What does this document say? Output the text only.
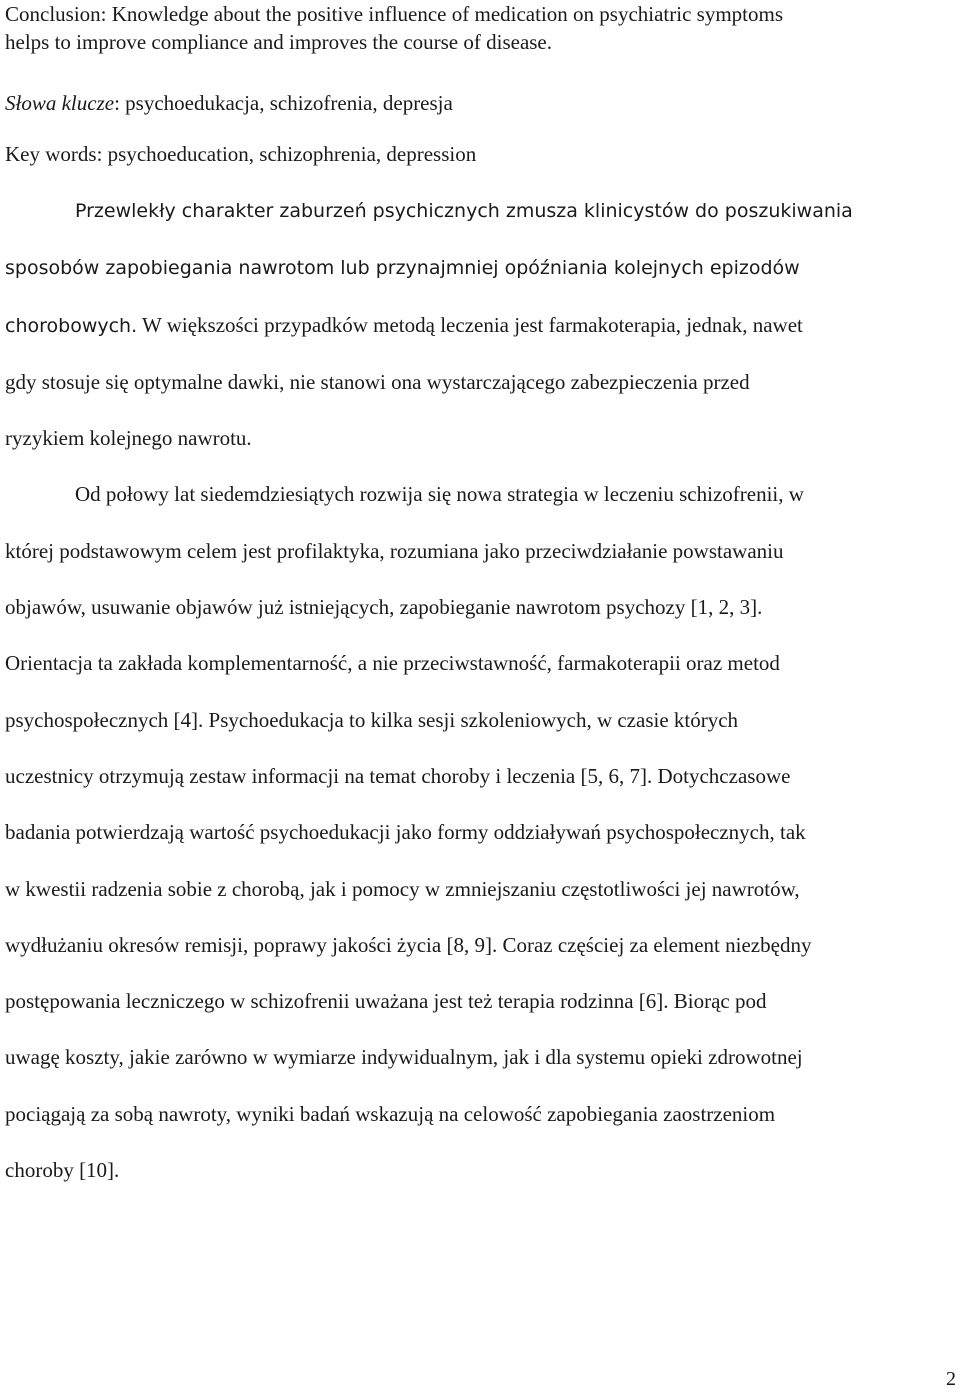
Conclusion: Knowledge about the positive influence of medication on psychiatric symptoms
helps to improve compliance and improves the course of disease.

Słowa klucze: psychoedukacja, schizofrenia, depresja

Key words: psychoeducation, schizophrenia, depression

Przewlekły charakter zaburzeń psychicznych zmusza klinicystów do poszukiwania
sposobów zapobiegania nawrotom lub przynajmniej opóźniania kolejnych epizodów
chorobowych. W większości przypadków metodą leczenia jest farmakoterapia, jednak, nawet
gdy stosuje się optymalne dawki, nie stanowi ona wystarczającego zabezpieczenia przed
ryzykiem kolejnego nawrotu.

Od połowy lat siedemdziesiątych rozwija się nowa strategia w leczeniu schizofrenii, w
której podstawowym celem jest profilaktyka, rozumiana jako przeciwdziałanie powstawaniu
objawów, usuwanie objawów już istniejących, zapobieganie nawrotom psychozy [1, 2, 3].
Orientacja ta zakłada komplementarność, a nie przeciwstawność, farmakoterapii oraz metod
psychospołecznych [4]. Psychoedukacja to kilka sesji szkoleniowych, w czasie których
uczestnicy otrzymują zestaw informacji na temat choroby i leczenia [5, 6, 7]. Dotychczasowe
badania potwierdzają wartość psychoedukacji jako formy oddziaływań psychospołecznych, tak
w kwestii radzenia sobie z chorobą, jak i pomocy w zmniejszaniu częstotliwości jej nawrotów,
wydłużaniu okresów remisji, poprawy jakości życia [8, 9]. Coraz częściej za element niezbędny
postępowania leczniczego w schizofrenii uważana jest też terapia rodzinna [6]. Biorąc pod
uwagę koszty, jakie zarówno w wymiarze indywidualnym, jak i dla systemu opieki zdrowotnej
pociągają za sobą nawroty, wyniki badań wskazują na celowość zapobiegania zaostrzeniom
choroby [10].

2
